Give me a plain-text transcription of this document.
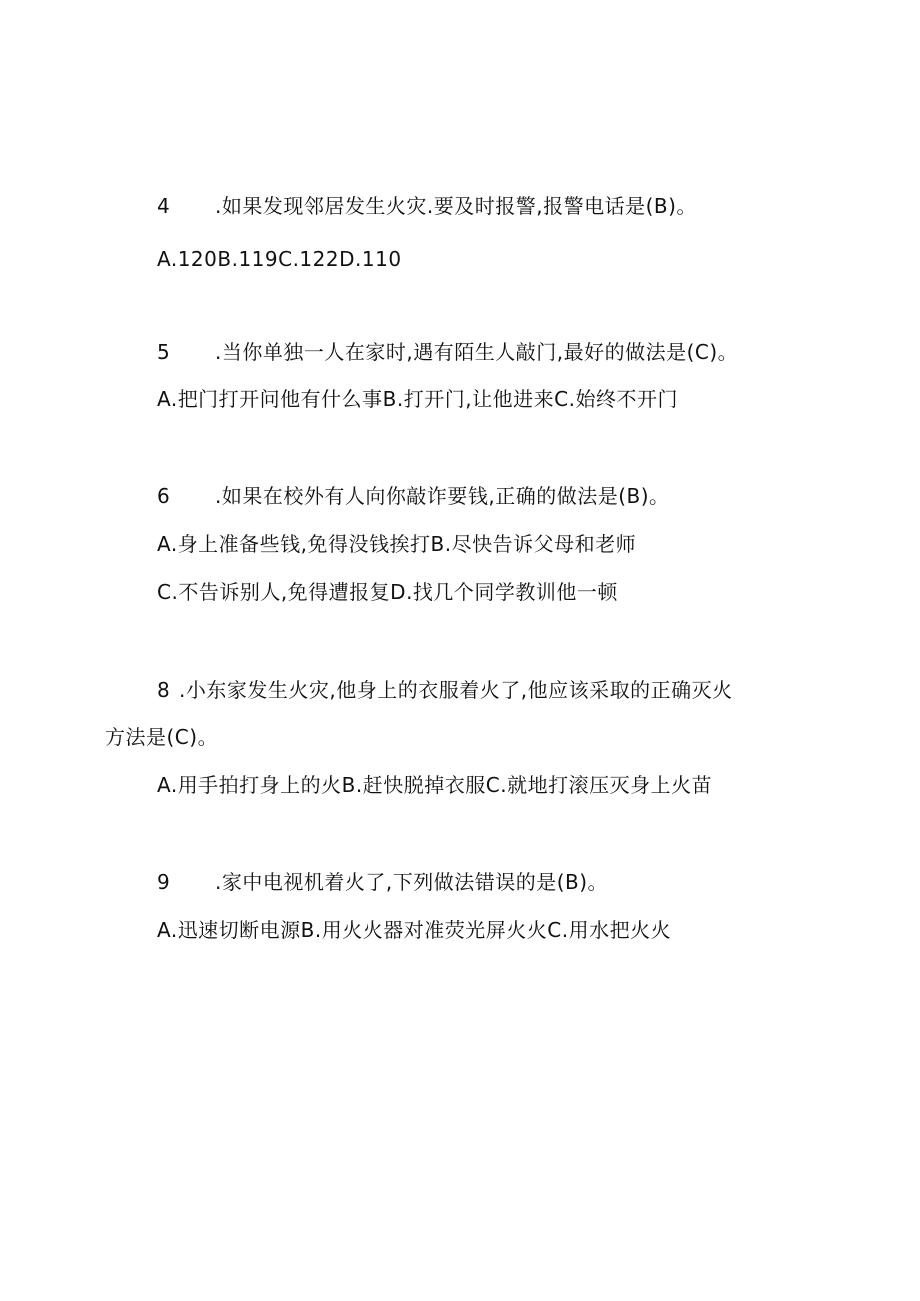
4 .如果发现邻居发生火灾.要及时报警,报警电话是(B)。
A.120B.119C.122D.110
5 .当你单独一人在家时,遇有陌生人敲门,最好的做法是(C)。
A.把门打开问他有什么事B.打开门,让他进来C.始终不开门
6 .如果在校外有人向你敲诈要钱,正确的做法是(B)。
A.身上准备些钱,免得没钱挨打B.尽快告诉父母和老师
C.不告诉别人,免得遭报复D.找几个同学教训他一顿
8 .小东家发生火灾,他身上的衣服着火了,他应该采取的正确灭火
方法是(C)。
A.用手拍打身上的火B.赶快脱掉衣服C.就地打滚压灭身上火苗
9 .家中电视机着火了,下列做法错误的是(B)。
A.迅速切断电源B.用火火器对准荧光屏火火C.用水把火火
